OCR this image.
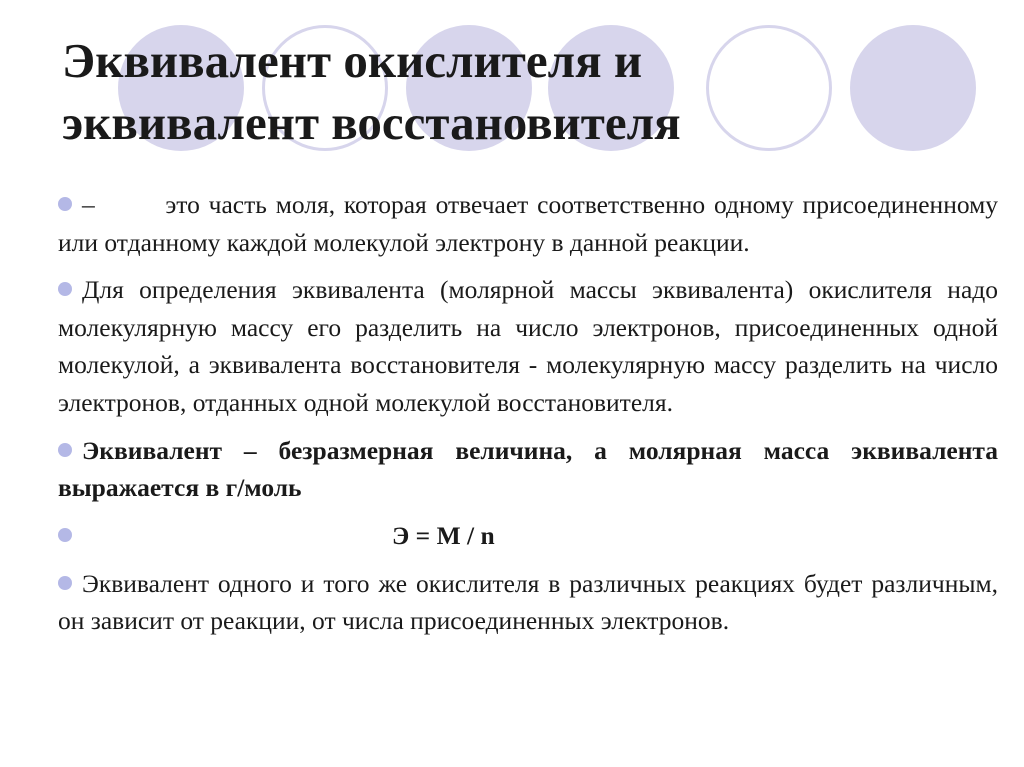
Эквивалент окислителя и
эквивалент восстановителя
–        это часть моля, которая отвечает соответственно одному присоединенному или отданному каждой молекулой электрону в данной реакции.
Для определения эквивалента (молярной массы эквивалента) окислителя надо молекулярную массу его разделить на число электронов, присоединенных одной молекулой, а эквивалента восстановителя - молекулярную массу разделить на число электронов, отданных одной молекулой восстановителя.
Эквивалент – безразмерная величина, а молярная масса эквивалента выражается в г/моль
Э = М / n
Эквивалент одного и того же окислителя в различных реакциях будет различным, он зависит от реакции, от числа присоединенных электронов.
